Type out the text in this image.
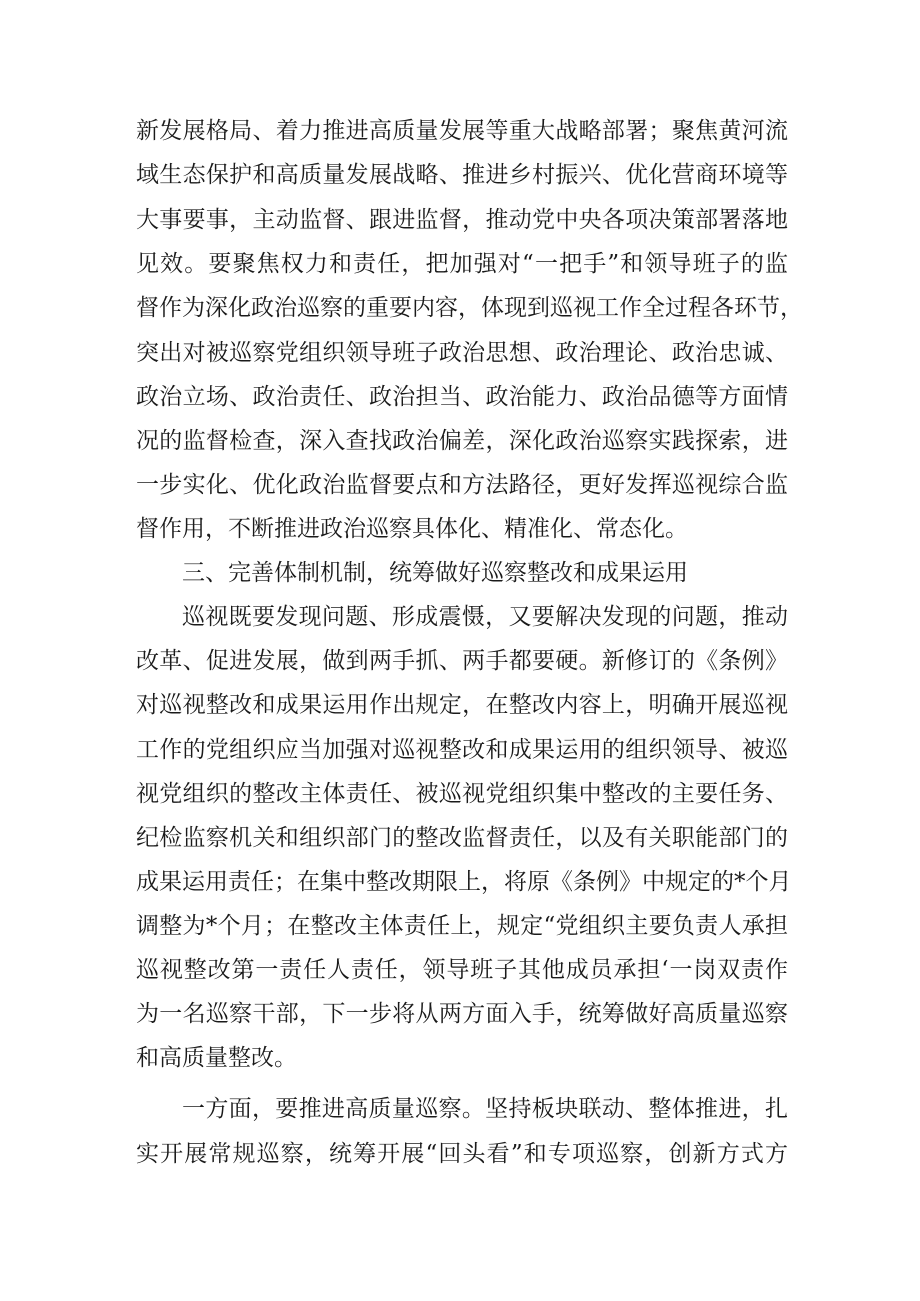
新发展格局、着力推进高质量发展等重大战略部署；聚焦黄河流
域生态保护和高质量发展战略、推进乡村振兴、优化营商环境等
大事要事，主动监督、跟进监督，推动党中央各项决策部署落地
见效。要聚焦权力和责任，把加强对“一把手”和领导班子的监
督作为深化政治巡察的重要内容，体现到巡视工作全过程各环节，
突出对被巡察党组织领导班子政治思想、政治理论、政治忠诚、
政治立场、政治责任、政治担当、政治能力、政治品德等方面情
况的监督检查，深入查找政治偏差，深化政治巡察实践探索，进
一步实化、优化政治监督要点和方法路径，更好发挥巡视综合监
督作用，不断推进政治巡察具体化、精准化、常态化。
三、完善体制机制，统筹做好巡察整改和成果运用
巡视既要发现问题、形成震慑，又要解决发现的问题，推动
改革、促进发展，做到两手抓、两手都要硬。新修订的《条例》
对巡视整改和成果运用作出规定，在整改内容上，明确开展巡视
工作的党组织应当加强对巡视整改和成果运用的组织领导、被巡
视党组织的整改主体责任、被巡视党组织集中整改的主要任务、
纪检监察机关和组织部门的整改监督责任，以及有关职能部门的
成果运用责任；在集中整改期限上，将原《条例》中规定的*个月
调整为*个月；在整改主体责任上，规定“党组织主要负责人承担
巡视整改第一责任人责任，领导班子其他成员承担‘一岗双责作
为一名巡察干部，下一步将从两方面入手，统筹做好高质量巡察
和高质量整改。
一方面，要推进高质量巡察。坚持板块联动、整体推进，扎
实开展常规巡察，统筹开展“回头看”和专项巡察，创新方式方
